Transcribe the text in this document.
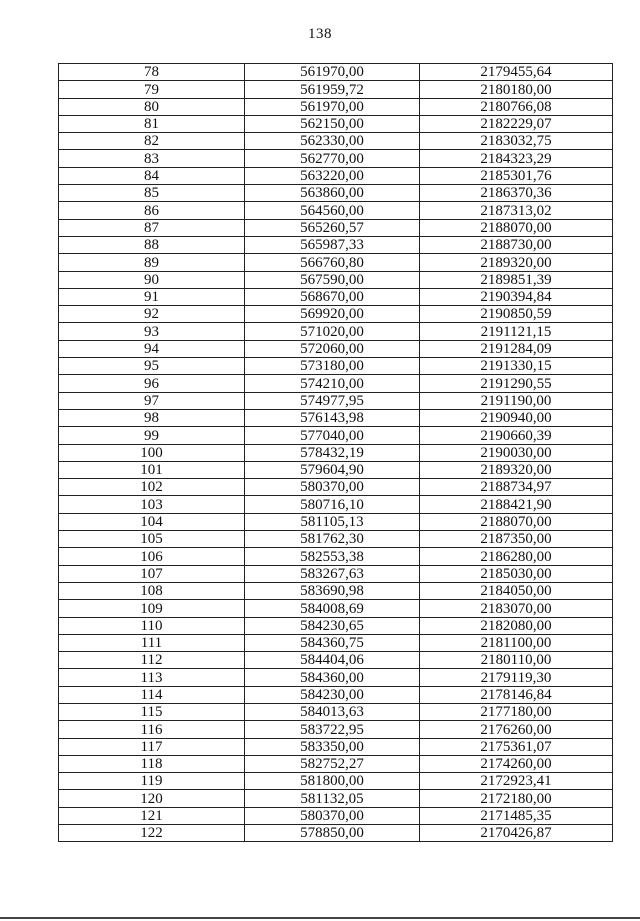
138
78	561970,00	2179455,64
79	561959,72	2180180,00
80	561970,00	2180766,08
81	562150,00	2182229,07
82	562330,00	2183032,75
83	562770,00	2184323,29
84	563220,00	2185301,76
85	563860,00	2186370,36
86	564560,00	2187313,02
87	565260,57	2188070,00
88	565987,33	2188730,00
89	566760,80	2189320,00
90	567590,00	2189851,39
91	568670,00	2190394,84
92	569920,00	2190850,59
93	571020,00	2191121,15
94	572060,00	2191284,09
95	573180,00	2191330,15
96	574210,00	2191290,55
97	574977,95	2191190,00
98	576143,98	2190940,00
99	577040,00	2190660,39
100	578432,19	2190030,00
101	579604,90	2189320,00
102	580370,00	2188734,97
103	580716,10	2188421,90
104	581105,13	2188070,00
105	581762,30	2187350,00
106	582553,38	2186280,00
107	583267,63	2185030,00
108	583690,98	2184050,00
109	584008,69	2183070,00
110	584230,65	2182080,00
111	584360,75	2181100,00
112	584404,06	2180110,00
113	584360,00	2179119,30
114	584230,00	2178146,84
115	584013,63	2177180,00
116	583722,95	2176260,00
117	583350,00	2175361,07
118	582752,27	2174260,00
119	581800,00	2172923,41
120	581132,05	2172180,00
121	580370,00	2171485,35
122	578850,00	2170426,87
